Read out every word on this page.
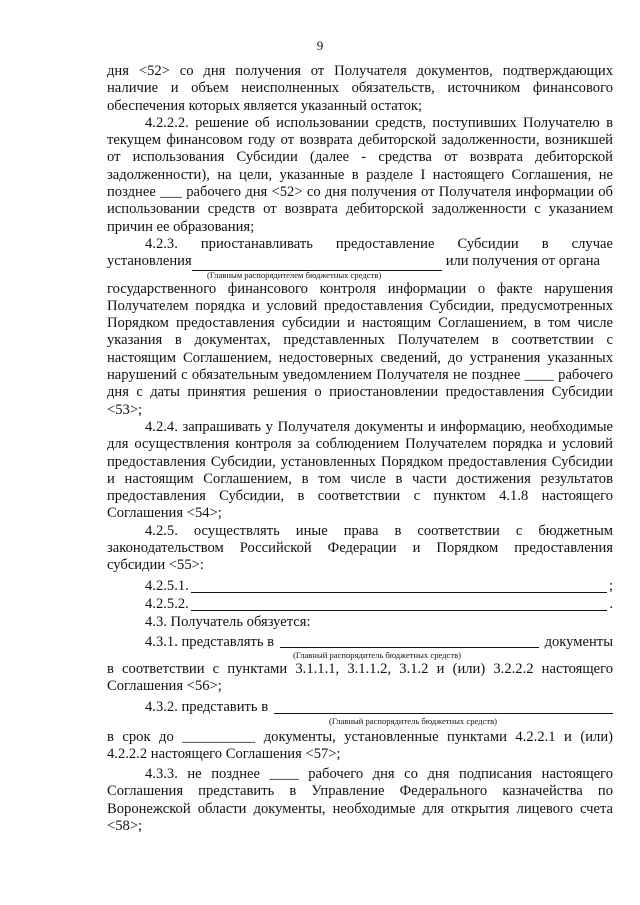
9

дня <52> со дня получения от Получателя документов, подтверждающих наличие и объем неисполненных обязательств, источником финансового обеспечения которых является указанный остаток;

4.2.2.2. решение об использовании средств, поступивших Получателю в текущем финансовом году от возврата дебиторской задолженности, возникшей от использования Субсидии (далее - средства от возврата дебиторской задолженности), на цели, указанные в разделе I настоящего Соглашения, не позднее ___ рабочего дня <52> со дня получения от Получателя информации об использовании средств от возврата дебиторской задолженности с указанием причин ее образования;

4.2.3. приостанавливать предоставление Субсидии в случае

установления	или получения от органа
(Главным распорядителем бюджетных средств)

государственного финансового контроля информации о факте нарушения Получателем порядка и условий предоставления Субсидии, предусмотренных Порядком предоставления субсидии и настоящим Соглашением, в том числе указания в документах, представленных Получателем в соответствии с настоящим Соглашением, недостоверных сведений, до устранения указанных нарушений с обязательным уведомлением Получателя не позднее ____ рабочего дня с даты принятия решения о приостановлении предоставления Субсидии <53>;

4.2.4. запрашивать у Получателя документы и информацию, необходимые для осуществления контроля за соблюдением Получателем порядка и условий предоставления Субсидии, установленных Порядком предоставления Субсидии и настоящим Соглашением, в том числе в части достижения результатов предоставления Субсидии, в соответствии с пунктом 4.1.8 настоящего Соглашения <54>;

4.2.5. осуществлять иные права в соответствии с бюджетным законодательством Российской Федерации и Порядком предоставления субсидии <55>:

4.2.5.1.	;
4.2.5.2.	.

4.3. Получатель обязуется:

4.3.1. представлять в	документы
(Главный распорядитель бюджетных средств)

в соответствии с пунктами 3.1.1.1, 3.1.1.2, 3.1.2 и (или) 3.2.2.2 настоящего Соглашения <56>;

4.3.2. представить в
(Главный распорядитель бюджетных средств)

в срок до __________ документы, установленные пунктами 4.2.2.1 и (или) 4.2.2.2 настоящего Соглашения <57>;

4.3.3. не позднее ____ рабочего дня со дня подписания настоящего Соглашения представить в Управление Федерального казначейства по Воронежской области документы, необходимые для открытия лицевого счета <58>;
